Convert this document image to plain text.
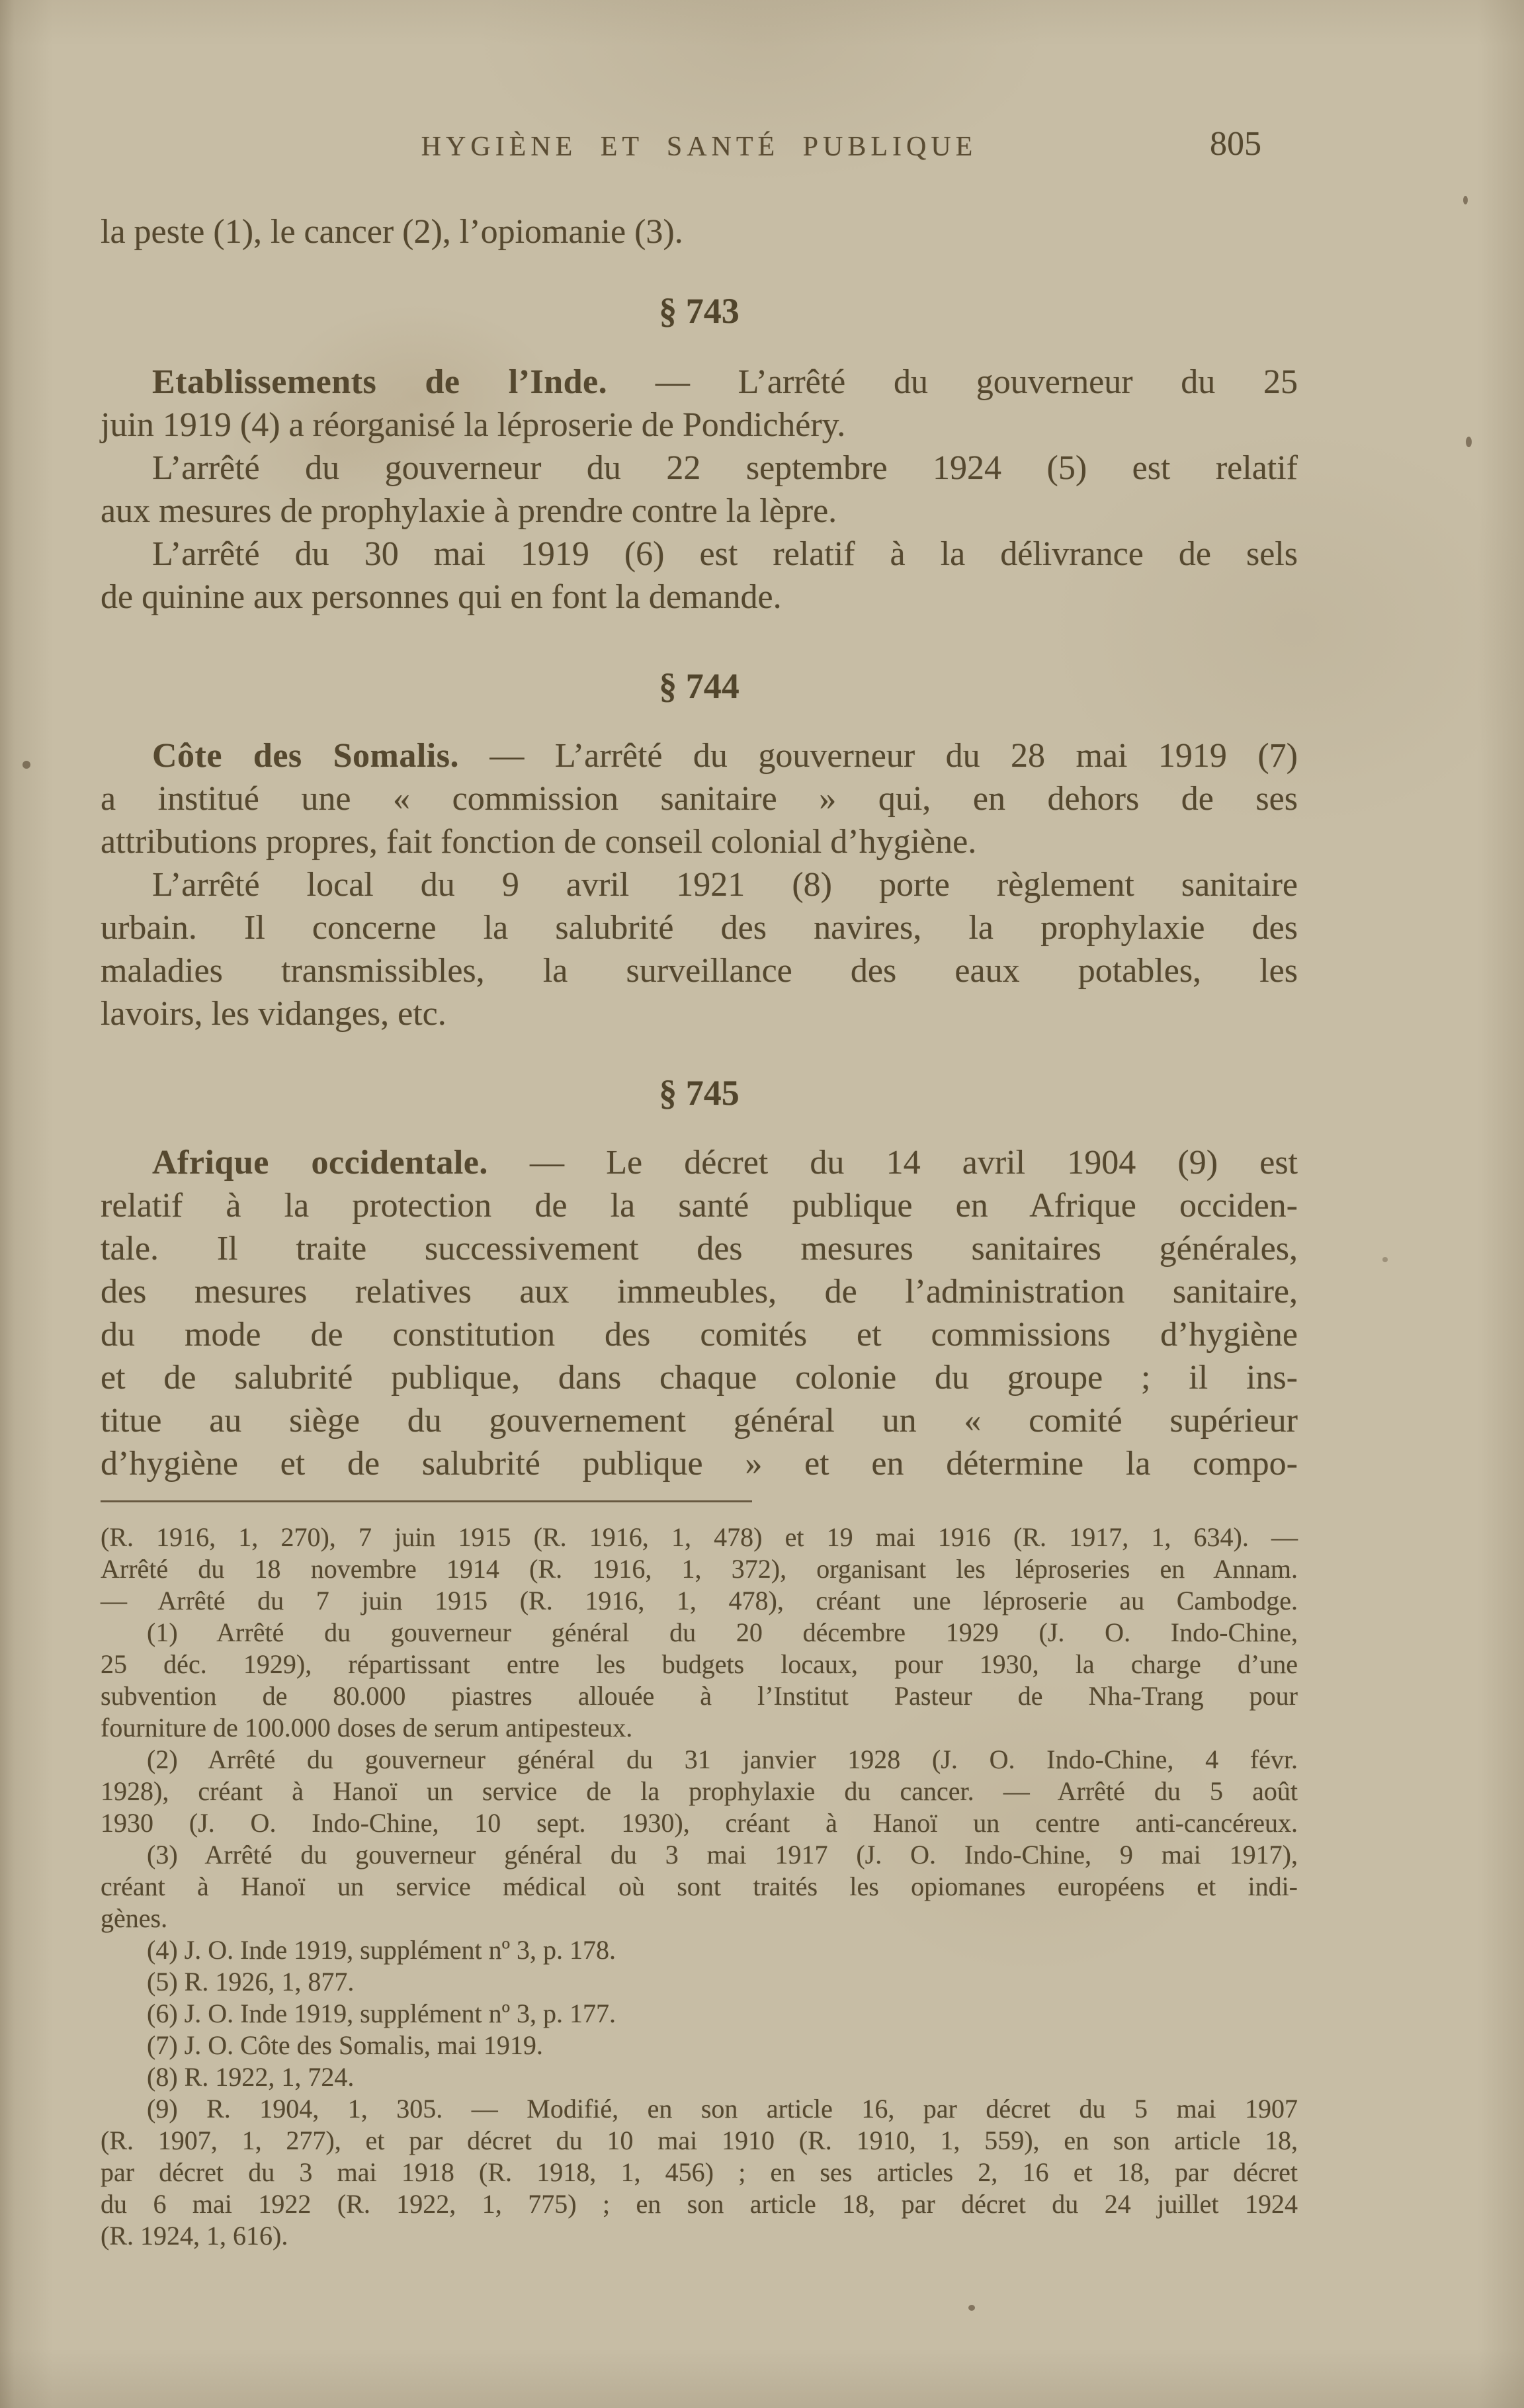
HYGIÈNE ET SANTÉ PUBLIQUE	805
la peste (1), le cancer (2), l’opiomanie (3).
§ 743
Etablissements de l’Inde. — L’arrêté du gouverneur du 25
juin 1919 (4) a réorganisé la léproserie de Pondichéry.
L’arrêté du gouverneur du 22 septembre 1924 (5) est relatif
aux mesures de prophylaxie à prendre contre la lèpre.
L’arrêté du 30 mai 1919 (6) est relatif à la délivrance de sels
de quinine aux personnes qui en font la demande.
§ 744
Côte des Somalis. — L’arrêté du gouverneur du 28 mai 1919 (7)
a institué une « commission sanitaire » qui, en dehors de ses
attributions propres, fait fonction de conseil colonial d’hygiène.
L’arrêté local du 9 avril 1921 (8) porte règlement sanitaire
urbain. Il concerne la salubrité des navires, la prophylaxie des
maladies transmissibles, la surveillance des eaux potables, les
lavoirs, les vidanges, etc.
§ 745
Afrique occidentale. — Le décret du 14 avril 1904 (9) est
relatif à la protection de la santé publique en Afrique occiden-
tale. Il traite successivement des mesures sanitaires générales,
des mesures relatives aux immeubles, de l’administration sanitaire,
du mode de constitution des comités et commissions d’hygiène
et de salubrité publique, dans chaque colonie du groupe ; il ins-
titue au siège du gouvernement général un « comité supérieur
d’hygiène et de salubrité publique » et en détermine la compo-
(R. 1916, 1, 270), 7 juin 1915 (R. 1916, 1, 478) et 19 mai 1916 (R. 1917, 1, 634). —
Arrêté du 18 novembre 1914 (R. 1916, 1, 372), organisant les léproseries en Annam.
— Arrêté du 7 juin 1915 (R. 1916, 1, 478), créant une léproserie au Cambodge.
(1) Arrêté du gouverneur général du 20 décembre 1929 (J. O. Indo-Chine,
25 déc. 1929), répartissant entre les budgets locaux, pour 1930, la charge d’une
subvention de 80.000 piastres allouée à l’Institut Pasteur de Nha-Trang pour
fourniture de 100.000 doses de serum antipesteux.
(2) Arrêté du gouverneur général du 31 janvier 1928 (J. O. Indo-Chine, 4 févr.
1928), créant à Hanoï un service de la prophylaxie du cancer. — Arrêté du 5 août
1930 (J. O. Indo-Chine, 10 sept. 1930), créant à Hanoï un centre anti-cancéreux.
(3) Arrêté du gouverneur général du 3 mai 1917 (J. O. Indo-Chine, 9 mai 1917),
créant à Hanoï un service médical où sont traités les opiomanes européens et indi-
gènes.
(4) J. O. Inde 1919, supplément nº 3, p. 178.
(5) R. 1926, 1, 877.
(6) J. O. Inde 1919, supplément nº 3, p. 177.
(7) J. O. Côte des Somalis, mai 1919.
(8) R. 1922, 1, 724.
(9) R. 1904, 1, 305. — Modifié, en son article 16, par décret du 5 mai 1907
(R. 1907, 1, 277), et par décret du 10 mai 1910 (R. 1910, 1, 559), en son article 18,
par décret du 3 mai 1918 (R. 1918, 1, 456) ; en ses articles 2, 16 et 18, par décret
du 6 mai 1922 (R. 1922, 1, 775) ; en son article 18, par décret du 24 juillet 1924
(R. 1924, 1, 616).
